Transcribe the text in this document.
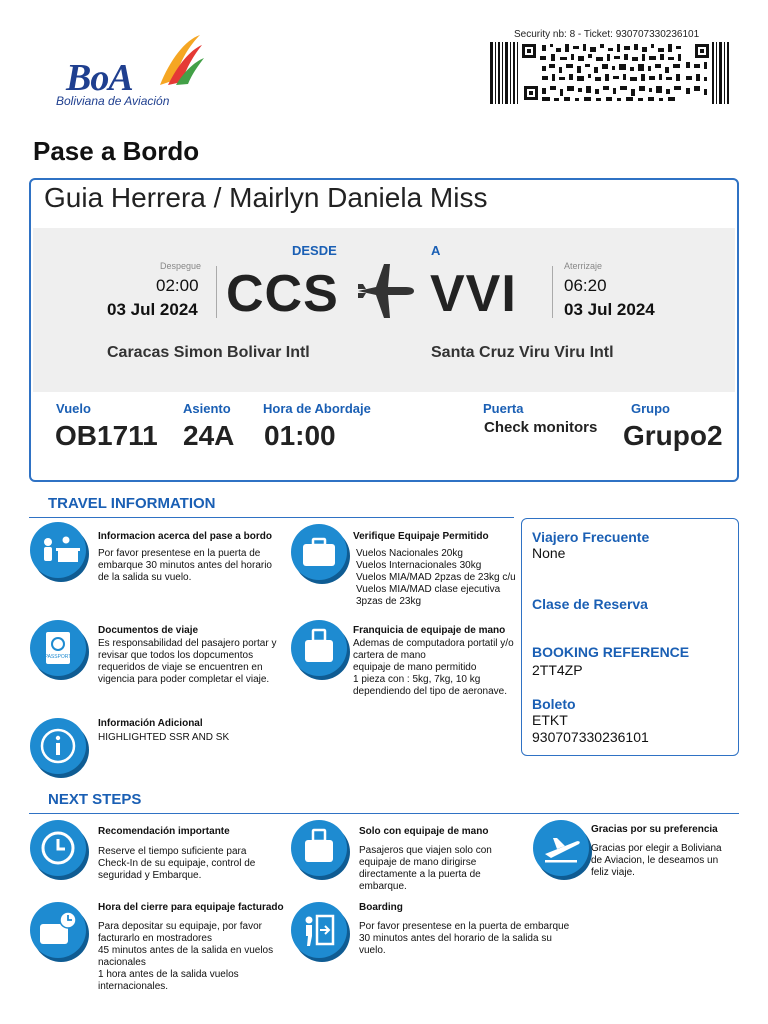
BoA
Boliviana de Aviación
Security nb: 8 - Ticket: 930707330236101
Pase a Bordo
Guia Herrera / Mairlyn Daniela Miss
Despegue
02:00
03 Jul 2024
DESDE
CCS
A
VVI	Aterrizaje
06:20
03 Jul 2024
Caracas Simon Bolivar Intl	Santa Cruz Viru Viru Intl
Vuelo
OB1711
Asiento
24A
Hora de Abordaje
01:00
Puerta
Check monitors
Grupo
Grupo2
TRAVEL INFORMATION
Informacion acerca del pase a bordo
Por favor presentese en la puerta de
embarque 30 minutos antes del horario
de la salida su vuelo.
Verifique Equipaje Permitido
Vuelos Nacionales 20kg
Vuelos Internacionales 30kg
Vuelos MIA/MAD 2pzas de 23kg c/u
Vuelos MIA/MAD clase ejecutiva
3pzas de 23kg
PASSPORT
Documentos de viaje
Es responsabilidad del pasajero portar y
revisar que todos los dopcumentos
requeridos de viaje se encuentren en
vigencia para poder completar el viaje.
Franquicia de equipaje de mano
Ademas de computadora portatil y/o
cartera de mano
equipaje de mano permitido
1 pieza con : 5kg, 7kg, 10 kg
dependiendo del tipo de aeronave.
Información Adicional
HIGHLIGHTED SSR AND SK
Viajero Frecuente
None
Clase de Reserva
BOOKING REFERENCE
2TT4ZP
Boleto
ETKT
930707330236101
NEXT STEPS
Recomendación importante
Reserve el tiempo suficiente para
Check-In de su equipaje, control de
seguridad y Embarque.
Solo con equipaje de mano
Pasajeros que viajen solo con
equipaje de mano dirigirse
directamente a la puerta de
embarque.
Gracias por su preferencia
Gracias por elegir a Boliviana
de Aviacion, le deseamos un
feliz viaje.
Hora del cierre para equipaje facturado
Para depositar su equipaje, por favor
facturarlo en mostradores
45 minutos antes de la salida en vuelos
nacionales
1 hora antes de la salida vuelos
internacionales.
Boarding
Por favor presentese en la puerta de embarque
30 minutos antes del horario de la salida su
vuelo.
